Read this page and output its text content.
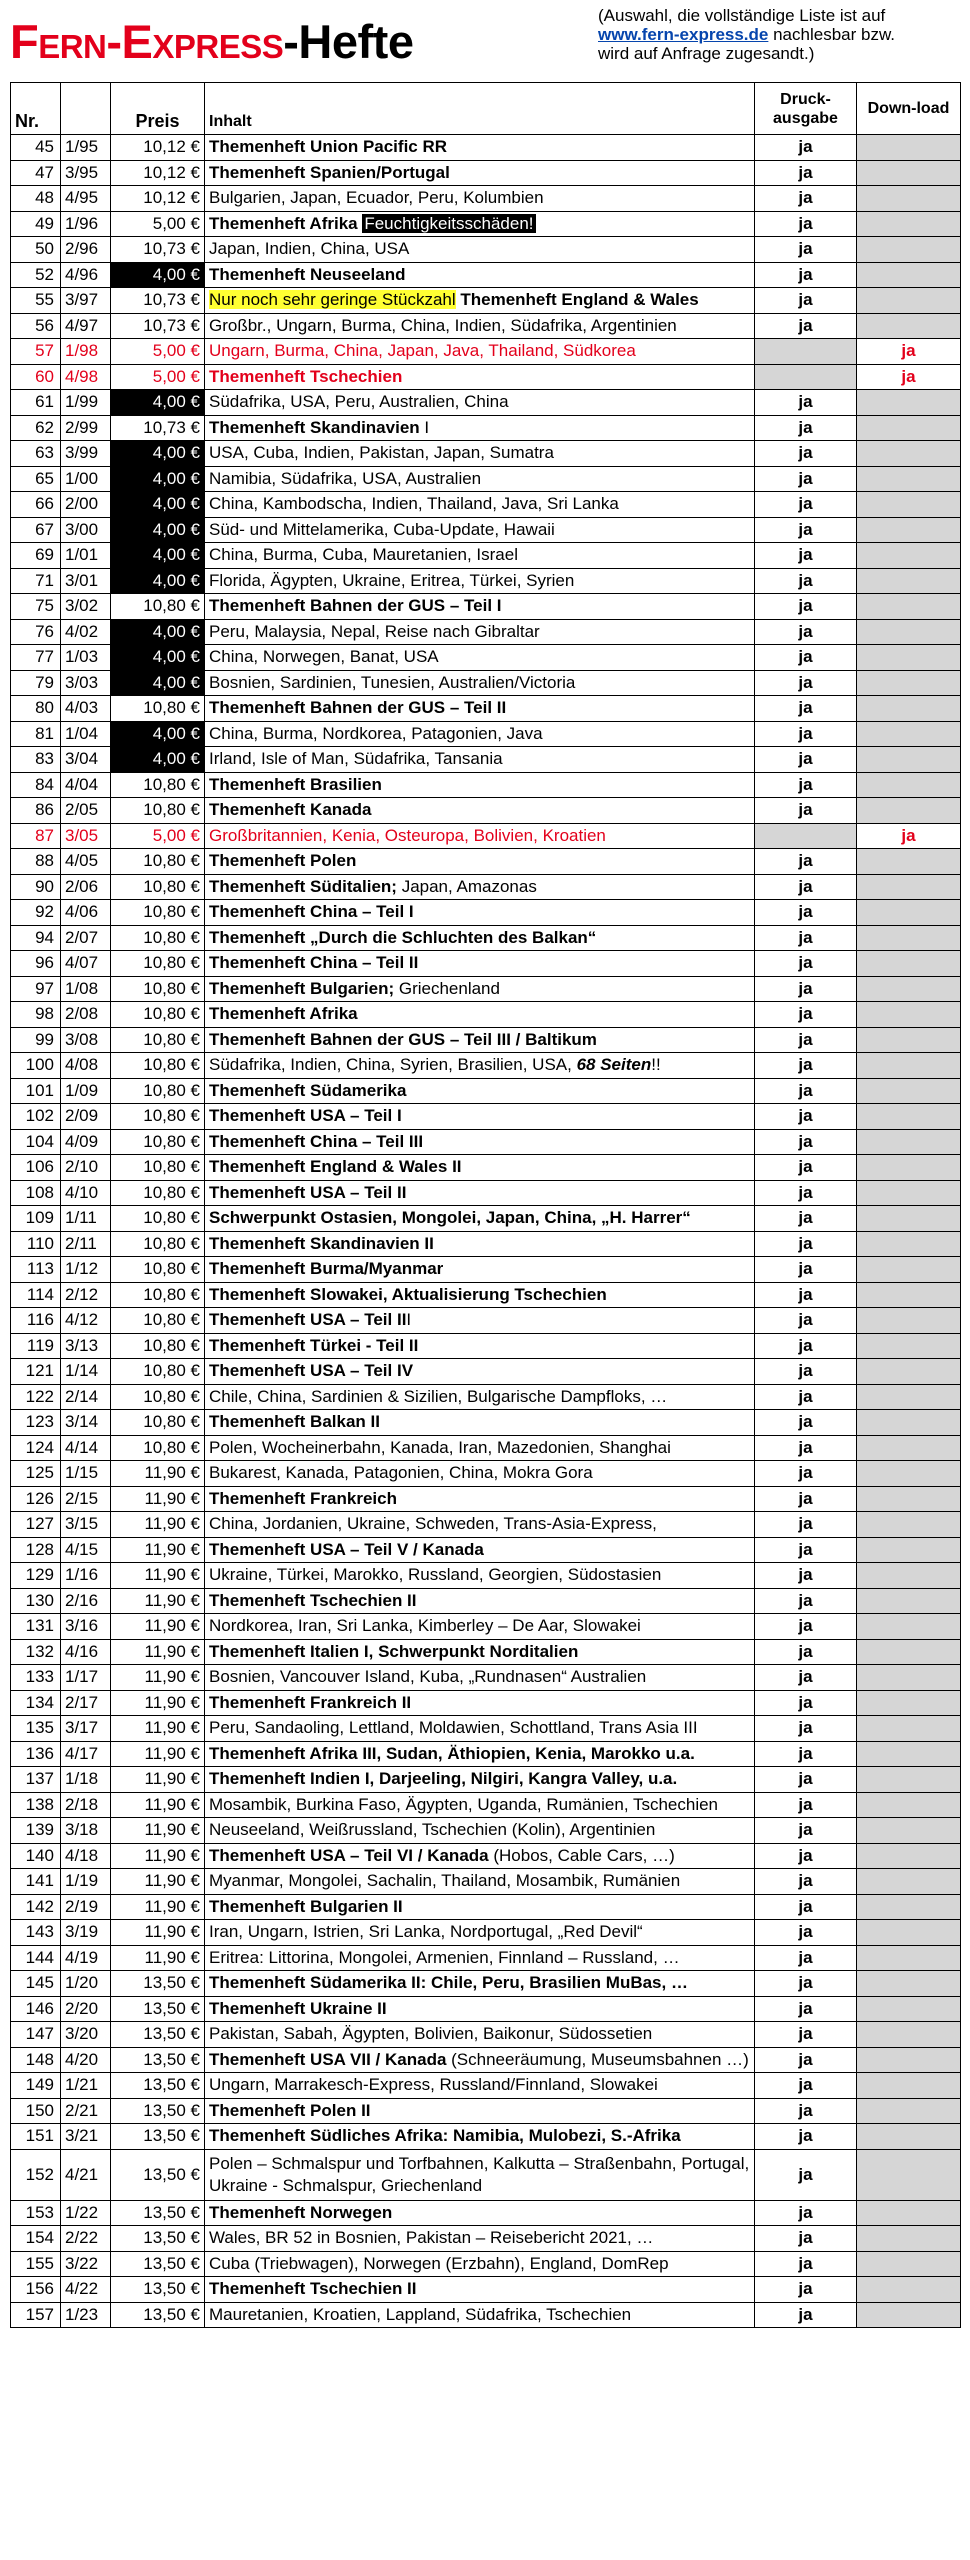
Fern-Express-Hefte	(Auswahl, die vollständige Liste ist auf
www.fern-express.de nachlesbar bzw.
wird auf Anfrage zugesandt.)
Nr.		Preis	Inhalt	Druck-ausgabe	Down-load
45	1/95	10,12 €	Themenheft Union Pacific RR	ja	
47	3/95	10,12 €	Themenheft Spanien/Portugal	ja	
48	4/95	10,12 €	Bulgarien, Japan, Ecuador, Peru, Kolumbien	ja	
49	1/96	5,00 €	Themenheft Afrika Feuchtigkeitsschäden!	ja	
50	2/96	10,73 €	Japan, Indien, China, USA	ja	
52	4/96	4,00 €	Themenheft Neuseeland	ja	
55	3/97	10,73 €	Nur noch sehr geringe Stückzahl Themenheft England & Wales	ja	
56	4/97	10,73 €	Großbr., Ungarn, Burma, China, Indien, Südafrika, Argentinien	ja	
57	1/98	5,00 €	Ungarn, Burma, China, Japan, Java, Thailand, Südkorea		ja
60	4/98	5,00 €	Themenheft Tschechien		ja
61	1/99	4,00 €	Südafrika, USA, Peru, Australien, China	ja	
62	2/99	10,73 €	Themenheft Skandinavien I	ja	
63	3/99	4,00 €	USA, Cuba, Indien, Pakistan, Japan, Sumatra	ja	
65	1/00	4,00 €	Namibia, Südafrika, USA, Australien	ja	
66	2/00	4,00 €	China, Kambodscha, Indien, Thailand, Java, Sri Lanka	ja	
67	3/00	4,00 €	Süd- und Mittelamerika, Cuba-Update, Hawaii	ja	
69	1/01	4,00 €	China, Burma, Cuba, Mauretanien, Israel	ja	
71	3/01	4,00 €	Florida, Ägypten, Ukraine, Eritrea, Türkei, Syrien	ja	
75	3/02	10,80 €	Themenheft Bahnen der GUS – Teil I	ja	
76	4/02	4,00 €	Peru, Malaysia, Nepal, Reise nach Gibraltar	ja	
77	1/03	4,00 €	China, Norwegen, Banat, USA	ja	
79	3/03	4,00 €	Bosnien, Sardinien, Tunesien, Australien/Victoria	ja	
80	4/03	10,80 €	Themenheft Bahnen der GUS – Teil II	ja	
81	1/04	4,00 €	China, Burma, Nordkorea, Patagonien, Java	ja	
83	3/04	4,00 €	Irland, Isle of Man, Südafrika, Tansania	ja	
84	4/04	10,80 €	Themenheft Brasilien	ja	
86	2/05	10,80 €	Themenheft Kanada	ja	
87	3/05	5,00 €	Großbritannien, Kenia, Osteuropa, Bolivien, Kroatien		ja
88	4/05	10,80 €	Themenheft Polen	ja	
90	2/06	10,80 €	Themenheft Süditalien; Japan, Amazonas	ja	
92	4/06	10,80 €	Themenheft China – Teil I	ja	
94	2/07	10,80 €	Themenheft „Durch die Schluchten des Balkan“	ja	
96	4/07	10,80 €	Themenheft China – Teil II	ja	
97	1/08	10,80 €	Themenheft Bulgarien; Griechenland	ja	
98	2/08	10,80 €	Themenheft Afrika	ja	
99	3/08	10,80 €	Themenheft Bahnen der GUS – Teil III / Baltikum	ja	
100	4/08	10,80 €	Südafrika, Indien, China, Syrien, Brasilien, USA, 68 Seiten!!	ja	
101	1/09	10,80 €	Themenheft Südamerika	ja	
102	2/09	10,80 €	Themenheft USA – Teil I	ja	
104	4/09	10,80 €	Themenheft China – Teil III	ja	
106	2/10	10,80 €	Themenheft England & Wales II	ja	
108	4/10	10,80 €	Themenheft USA – Teil II	ja	
109	1/11	10,80 €	Schwerpunkt Ostasien, Mongolei, Japan, China, „H. Harrer“	ja	
110	2/11	10,80 €	Themenheft Skandinavien II	ja	
113	1/12	10,80 €	Themenheft Burma/Myanmar	ja	
114	2/12	10,80 €	Themenheft Slowakei, Aktualisierung Tschechien	ja	
116	4/12	10,80 €	Themenheft USA – Teil III	ja	
119	3/13	10,80 €	Themenheft Türkei - Teil II	ja	
121	1/14	10,80 €	Themenheft USA – Teil IV	ja	
122	2/14	10,80 €	Chile, China, Sardinien & Sizilien, Bulgarische Dampfloks, …	ja	
123	3/14	10,80 €	Themenheft Balkan II	ja	
124	4/14	10,80 €	Polen, Wocheinerbahn, Kanada, Iran, Mazedonien, Shanghai	ja	
125	1/15	11,90 €	Bukarest, Kanada, Patagonien, China, Mokra Gora	ja	
126	2/15	11,90 €	Themenheft Frankreich	ja	
127	3/15	11,90 €	China, Jordanien, Ukraine, Schweden, Trans-Asia-Express,	ja	
128	4/15	11,90 €	Themenheft USA – Teil V / Kanada	ja	
129	1/16	11,90 €	Ukraine, Türkei, Marokko, Russland, Georgien, Südostasien	ja	
130	2/16	11,90 €	Themenheft Tschechien II	ja	
131	3/16	11,90 €	Nordkorea, Iran, Sri Lanka, Kimberley – De Aar, Slowakei	ja	
132	4/16	11,90 €	Themenheft Italien I, Schwerpunkt Norditalien	ja	
133	1/17	11,90 €	Bosnien, Vancouver Island, Kuba, „Rundnasen“ Australien	ja	
134	2/17	11,90 €	Themenheft Frankreich II	ja	
135	3/17	11,90 €	Peru, Sandaoling, Lettland, Moldawien, Schottland, Trans Asia III	ja	
136	4/17	11,90 €	Themenheft Afrika III, Sudan, Äthiopien, Kenia, Marokko u.a.	ja	
137	1/18	11,90 €	Themenheft Indien I, Darjeeling, Nilgiri, Kangra Valley, u.a.	ja	
138	2/18	11,90 €	Mosambik, Burkina Faso, Ägypten, Uganda, Rumänien, Tschechien	ja	
139	3/18	11,90 €	Neuseeland, Weißrussland, Tschechien (Kolin), Argentinien	ja	
140	4/18	11,90 €	Themenheft USA – Teil VI / Kanada (Hobos, Cable Cars, …)	ja	
141	1/19	11,90 €	Myanmar, Mongolei, Sachalin, Thailand, Mosambik, Rumänien	ja	
142	2/19	11,90 €	Themenheft Bulgarien II	ja	
143	3/19	11,90 €	Iran, Ungarn, Istrien, Sri Lanka, Nordportugal, „Red Devil“	ja	
144	4/19	11,90 €	Eritrea: Littorina, Mongolei, Armenien, Finnland – Russland, …	ja	
145	1/20	13,50 €	Themenheft Südamerika II: Chile, Peru, Brasilien MuBas, …	ja	
146	2/20	13,50 €	Themenheft Ukraine II	ja	
147	3/20	13,50 €	Pakistan, Sabah, Ägypten, Bolivien, Baikonur, Südossetien	ja	
148	4/20	13,50 €	Themenheft USA VII / Kanada (Schneeräumung, Museumsbahnen …)	ja	
149	1/21	13,50 €	Ungarn, Marrakesch-Express, Russland/Finnland, Slowakei	ja	
150	2/21	13,50 €	Themenheft Polen II	ja	
151	3/21	13,50 €	Themenheft Südliches Afrika: Namibia, Mulobezi, S.-Afrika	ja	
152	4/21	13,50 €	Polen – Schmalspur und Torfbahnen, Kalkutta – Straßenbahn, Portugal, Ukraine - Schmalspur, Griechenland	ja	
153	1/22	13,50 €	Themenheft Norwegen	ja	
154	2/22	13,50 €	Wales, BR 52 in Bosnien, Pakistan – Reisebericht 2021, …	ja	
155	3/22	13,50 €	Cuba (Triebwagen), Norwegen (Erzbahn), England, DomRep	ja	
156	4/22	13,50 €	Themenheft Tschechien II	ja	
157	1/23	13,50 €	Mauretanien, Kroatien, Lappland, Südafrika, Tschechien	ja	
